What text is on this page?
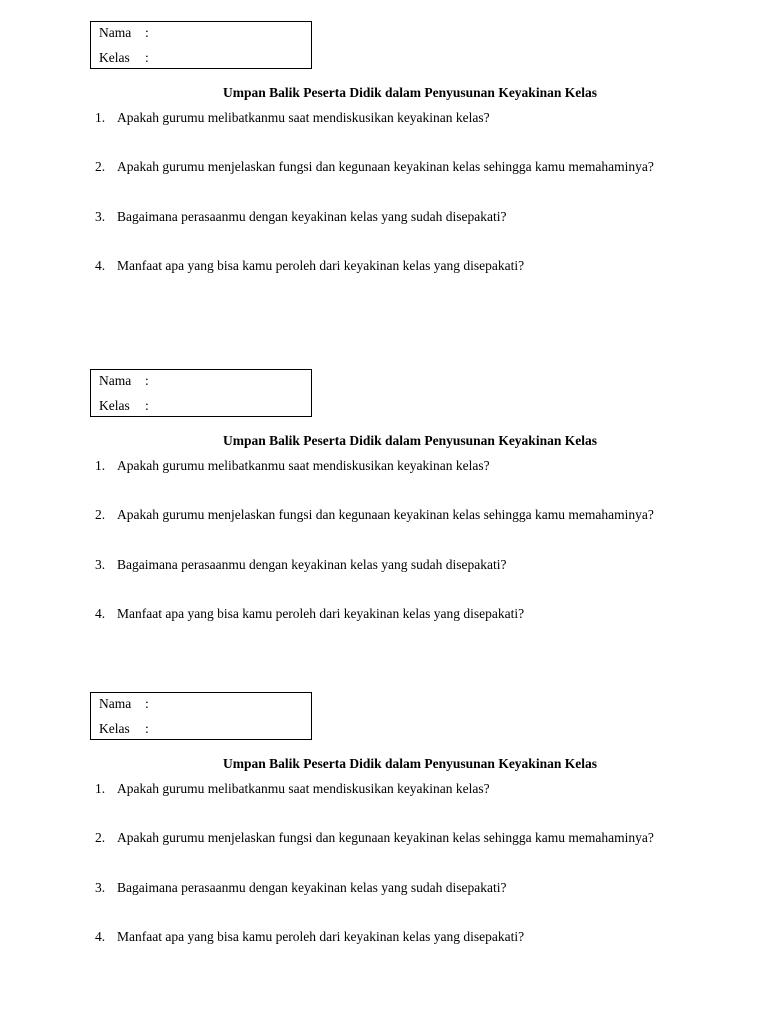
Nama :
Kelas :
Umpan Balik Peserta Didik dalam Penyusunan Keyakinan Kelas
1. Apakah gurumu melibatkanmu saat mendiskusikan keyakinan kelas?
2. Apakah gurumu menjelaskan fungsi dan kegunaan keyakinan kelas sehingga kamu memahaminya?
3. Bagaimana perasaanmu dengan keyakinan kelas yang sudah disepakati?
4. Manfaat apa yang bisa kamu peroleh dari keyakinan kelas yang disepakati?
Nama :
Kelas :
Umpan Balik Peserta Didik dalam Penyusunan Keyakinan Kelas
1. Apakah gurumu melibatkanmu saat mendiskusikan keyakinan kelas?
2. Apakah gurumu menjelaskan fungsi dan kegunaan keyakinan kelas sehingga kamu memahaminya?
3. Bagaimana perasaanmu dengan keyakinan kelas yang sudah disepakati?
4. Manfaat apa yang bisa kamu peroleh dari keyakinan kelas yang disepakati?
Nama :
Kelas :
Umpan Balik Peserta Didik dalam Penyusunan Keyakinan Kelas
1. Apakah gurumu melibatkanmu saat mendiskusikan keyakinan kelas?
2. Apakah gurumu menjelaskan fungsi dan kegunaan keyakinan kelas sehingga kamu memahaminya?
3. Bagaimana perasaanmu dengan keyakinan kelas yang sudah disepakati?
4. Manfaat apa yang bisa kamu peroleh dari keyakinan kelas yang disepakati?
